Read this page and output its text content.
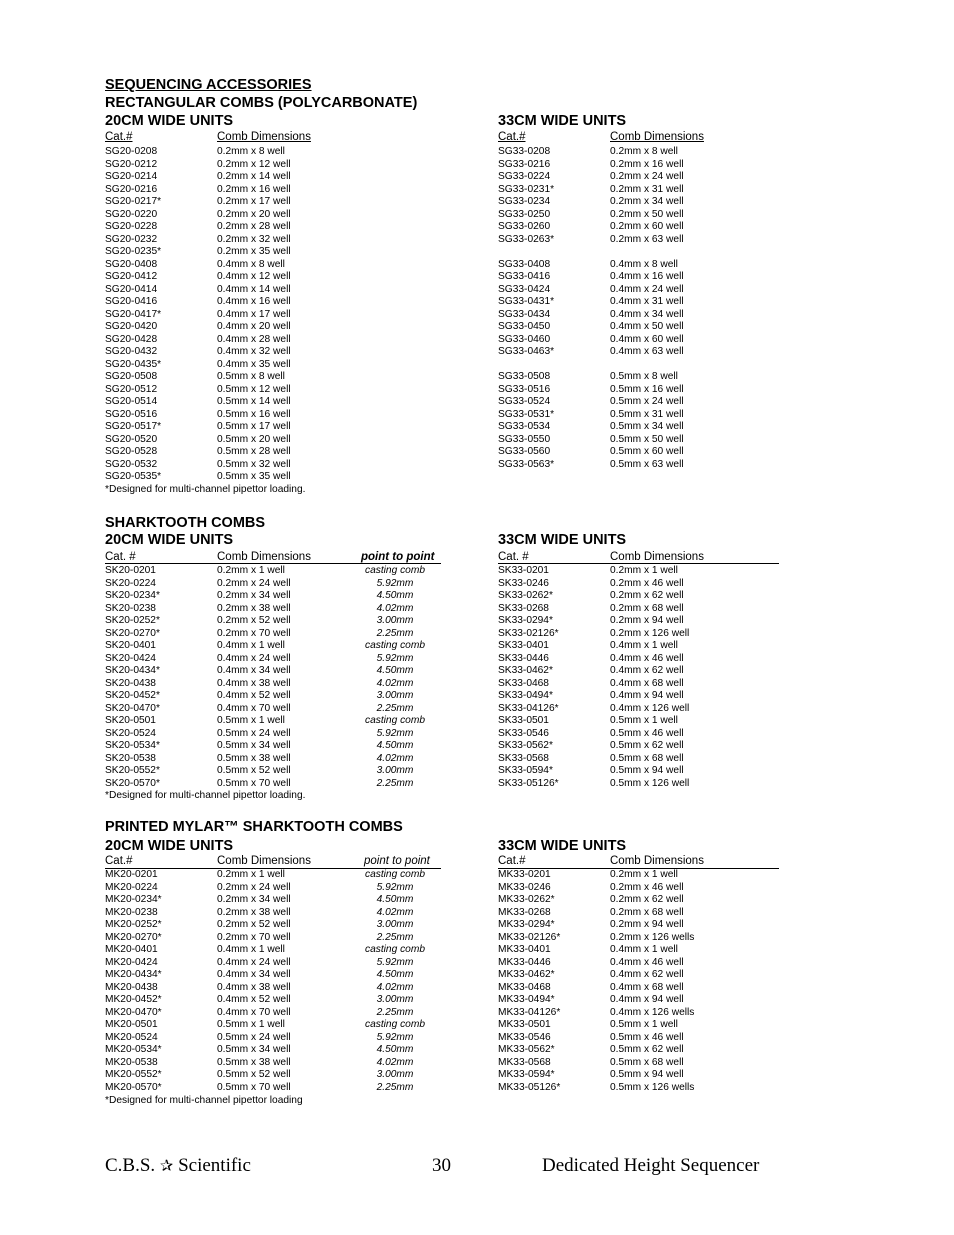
SEQUENCING ACCESSORIES
RECTANGULAR COMBS (POLYCARBONATE)
20CM WIDE UNITS	33CM WIDE UNITS
Cat.#	Comb Dimensions	Cat.#	Comb Dimensions
*Designed for multi-channel pipettor loading.
SHARKTOOTH COMBS
20CM WIDE UNITS	33CM WIDE UNITS
Cat. #	Comb Dimensions	point to point	Cat. #	Comb Dimensions
*Designed for multi-channel pipettor loading.
PRINTED MYLAR™ SHARKTOOTH COMBS
20CM WIDE UNITS	33CM WIDE UNITS
Cat.#	Comb Dimensions	point to point	Cat.#	Comb Dimensions
*Designed for multi-channel pipettor loading
C.B.S. ✰ Scientific	30	Dedicated Height Sequencer
SG20-0208	0.2mm x 8 well
SG20-0212	0.2mm x 12 well
SG20-0214	0.2mm x 14 well
SG20-0216	0.2mm x 16 well
SG20-0217*	0.2mm x 17 well
SG20-0220	0.2mm x 20 well
SG20-0228	0.2mm x 28 well
SG20-0232	0.2mm x 32 well
SG20-0235*	0.2mm x 35 well
SG20-0408	0.4mm x 8 well
SG20-0412	0.4mm x 12 well
SG20-0414	0.4mm x 14 well
SG20-0416	0.4mm x 16 well
SG20-0417*	0.4mm x 17 well
SG20-0420	0.4mm x 20 well
SG20-0428	0.4mm x 28 well
SG20-0432	0.4mm x 32 well
SG20-0435*	0.4mm x 35 well
SG20-0508	0.5mm x 8 well
SG20-0512	0.5mm x 12 well
SG20-0514	0.5mm x 14 well
SG20-0516	0.5mm x 16 well
SG20-0517*	0.5mm x 17 well
SG20-0520	0.5mm x 20 well
SG20-0528	0.5mm x 28 well
SG20-0532	0.5mm x 32 well
SG20-0535*	0.5mm x 35 well
SG33-0208	0.2mm x 8 well
SG33-0216	0.2mm x 16 well
SG33-0224	0.2mm x 24 well
SG33-0231*	0.2mm x 31 well
SG33-0234	0.2mm x 34 well
SG33-0250	0.2mm x 50 well
SG33-0260	0.2mm x 60 well
SG33-0263*	0.2mm x 63 well
SG33-0408	0.4mm x 8 well
SG33-0416	0.4mm x 16 well
SG33-0424	0.4mm x 24 well
SG33-0431*	0.4mm x 31 well
SG33-0434	0.4mm x 34 well
SG33-0450	0.4mm x 50 well
SG33-0460	0.4mm x 60 well
SG33-0463*	0.4mm x 63 well
SG33-0508	0.5mm x 8 well
SG33-0516	0.5mm x 16 well
SG33-0524	0.5mm x 24 well
SG33-0531*	0.5mm x 31 well
SG33-0534	0.5mm x 34 well
SG33-0550	0.5mm x 50 well
SG33-0560	0.5mm x 60 well
SG33-0563*	0.5mm x 63 well
SK20-0201	0.2mm x 1 well	casting comb
SK20-0224	0.2mm x 24 well	5.92mm
SK20-0234*	0.2mm x 34 well	4.50mm
SK20-0238	0.2mm x 38 well	4.02mm
SK20-0252*	0.2mm x 52 well	3.00mm
SK20-0270*	0.2mm x 70 well	2.25mm
SK20-0401	0.4mm x 1 well	casting comb
SK20-0424	0.4mm x 24 well	5.92mm
SK20-0434*	0.4mm x 34 well	4.50mm
SK20-0438	0.4mm x 38 well	4.02mm
SK20-0452*	0.4mm x 52 well	3.00mm
SK20-0470*	0.4mm x 70 well	2.25mm
SK20-0501	0.5mm x 1 well	casting comb
SK20-0524	0.5mm x 24 well	5.92mm
SK20-0534*	0.5mm x 34 well	4.50mm
SK20-0538	0.5mm x 38 well	4.02mm
SK20-0552*	0.5mm x 52 well	3.00mm
SK20-0570*	0.5mm x 70 well	2.25mm
SK33-0201	0.2mm x 1 well
SK33-0246	0.2mm x 46 well
SK33-0262*	0.2mm x 62 well
SK33-0268	0.2mm x 68 well
SK33-0294*	0.2mm x 94 well
SK33-02126*	0.2mm x 126 well
SK33-0401	0.4mm x 1 well
SK33-0446	0.4mm x 46 well
SK33-0462*	0.4mm x 62 well
SK33-0468	0.4mm x 68 well
SK33-0494*	0.4mm x 94 well
SK33-04126*	0.4mm x 126 well
SK33-0501	0.5mm x 1 well
SK33-0546	0.5mm x 46 well
SK33-0562*	0.5mm x 62 well
SK33-0568	0.5mm x 68 well
SK33-0594*	0.5mm x 94 well
SK33-05126*	0.5mm x 126 well
MK20-0201	0.2mm x 1 well	casting comb
MK20-0224	0.2mm x 24 well	5.92mm
MK20-0234*	0.2mm x 34 well	4.50mm
MK20-0238	0.2mm x 38 well	4.02mm
MK20-0252*	0.2mm x 52 well	3.00mm
MK20-0270*	0.2mm x 70 well	2.25mm
MK20-0401	0.4mm x 1 well	casting comb
MK20-0424	0.4mm x 24 well	5.92mm
MK20-0434*	0.4mm x 34 well	4.50mm
MK20-0438	0.4mm x 38 well	4.02mm
MK20-0452*	0.4mm x 52 well	3.00mm
MK20-0470*	0.4mm x 70 well	2.25mm
MK20-0501	0.5mm x 1 well	casting comb
MK20-0524	0.5mm x 24 well	5.92mm
MK20-0534*	0.5mm x 34 well	4.50mm
MK20-0538	0.5mm x 38 well	4.02mm
MK20-0552*	0.5mm x 52 well	3.00mm
MK20-0570*	0.5mm x 70 well	2.25mm
MK33-0201	0.2mm x 1 well
MK33-0246	0.2mm x 46 well
MK33-0262*	0.2mm x 62 well
MK33-0268	0.2mm x 68 well
MK33-0294*	0.2mm x 94 well
MK33-02126*	0.2mm x 126 wells
MK33-0401	0.4mm x 1 well
MK33-0446	0.4mm x 46 well
MK33-0462*	0.4mm x 62 well
MK33-0468	0.4mm x 68 well
MK33-0494*	0.4mm x 94 well
MK33-04126*	0.4mm x 126 wells
MK33-0501	0.5mm x 1 well
MK33-0546	0.5mm x 46 well
MK33-0562*	0.5mm x 62 well
MK33-0568	0.5mm x 68 well
MK33-0594*	0.5mm x 94 well
MK33-05126*	0.5mm x 126 wells
